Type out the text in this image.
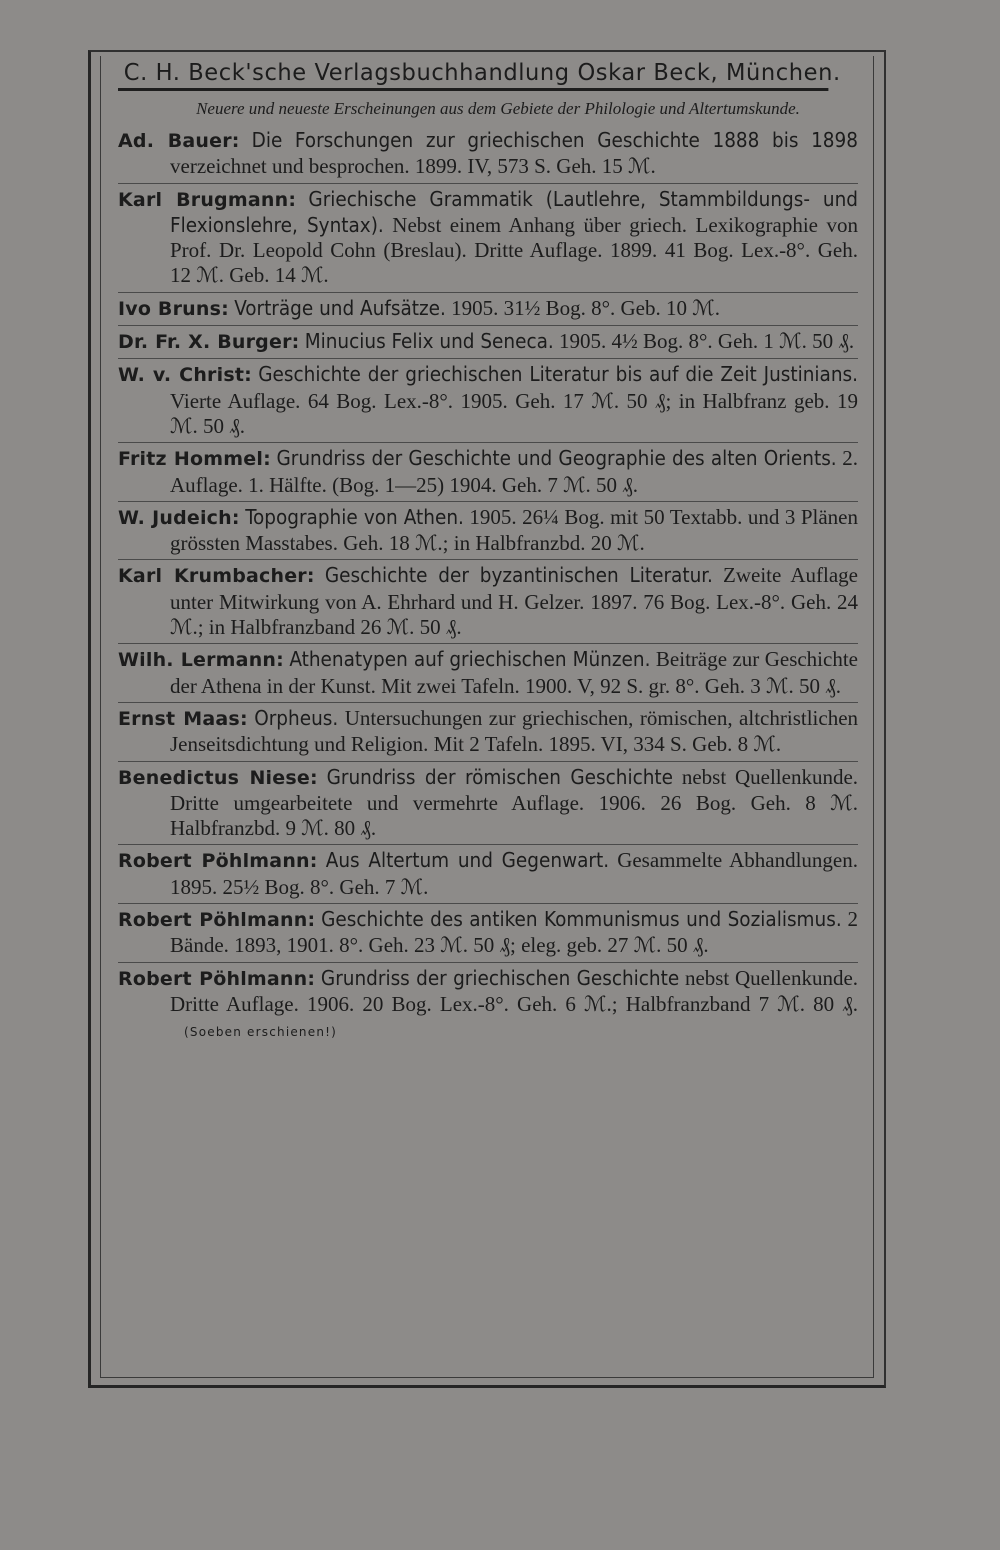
C. H. Beck'sche Verlagsbuchhandlung Oskar Beck, München.
Neuere und neueste Erscheinungen aus dem Gebiete der Philologie und Altertumskunde.
Ad. Bauer: Die Forschungen zur griechischen Geschichte 1888 bis 1898 verzeichnet und besprochen. 1899. IV, 573 S. Geh. 15 ℳ.
Karl Brugmann: Griechische Grammatik (Lautlehre, Stammbildungs- und Flexionslehre, Syntax). Nebst einem Anhang über griech. Lexikographie von Prof. Dr. Leopold Cohn (Breslau). Dritte Auflage. 1899. 41 Bog. Lex.-8°. Geh. 12 ℳ. Geb. 14 ℳ.
Ivo Bruns: Vorträge und Aufsätze. 1905. 31½ Bog. 8°. Geb. 10 ℳ.
Dr. Fr. X. Burger: Minucius Felix und Seneca. 1905. 4½ Bog. 8°. Geh. 1 ℳ. 50 ₰.
W. v. Christ: Geschichte der griechischen Literatur bis auf die Zeit Justinians. Vierte Auflage. 64 Bog. Lex.-8°. 1905. Geh. 17 ℳ. 50 ₰; in Halbfranz geb. 19 ℳ. 50 ₰.
Fritz Hommel: Grundriss der Geschichte und Geographie des alten Orients. 2. Auflage. 1. Hälfte. (Bog. 1—25) 1904. Geh. 7 ℳ. 50 ₰.
W. Judeich: Topographie von Athen. 1905. 26¼ Bog. mit 50 Textabb. und 3 Plänen grössten Masstabes. Geh. 18 ℳ.; in Halbfranzbd. 20 ℳ.
Karl Krumbacher: Geschichte der byzantinischen Literatur. Zweite Auflage unter Mitwirkung von A. Ehrhard und H. Gelzer. 1897. 76 Bog. Lex.-8°. Geh. 24 ℳ.; in Halbfranzband 26 ℳ. 50 ₰.
Wilh. Lermann: Athenatypen auf griechischen Münzen. Beiträge zur Geschichte der Athena in der Kunst. Mit zwei Tafeln. 1900. V, 92 S. gr. 8°. Geh. 3 ℳ. 50 ₰.
Ernst Maas: Orpheus. Untersuchungen zur griechischen, römischen, altchristlichen Jenseitsdichtung und Religion. Mit 2 Tafeln. 1895. VI, 334 S. Geb. 8 ℳ.
Benedictus Niese: Grundriss der römischen Geschichte nebst Quellenkunde. Dritte umgearbeitete und vermehrte Auflage. 1906. 26 Bog. Geh. 8 ℳ. Halbfranzbd. 9 ℳ. 80 ₰.
Robert Pöhlmann: Aus Altertum und Gegenwart. Gesammelte Abhandlungen. 1895. 25½ Bog. 8°. Geh. 7 ℳ.
Robert Pöhlmann: Geschichte des antiken Kommunismus und Sozialismus. 2 Bände. 1893, 1901. 8°. Geh. 23 ℳ. 50 ₰; eleg. geb. 27 ℳ. 50 ₰.
Robert Pöhlmann: Grundriss der griechischen Geschichte nebst Quellenkunde. Dritte Auflage. 1906. 20 Bog. Lex.-8°. Geh. 6 ℳ.; Halbfranzband 7 ℳ. 80 ₰. (Soeben erschienen!)
